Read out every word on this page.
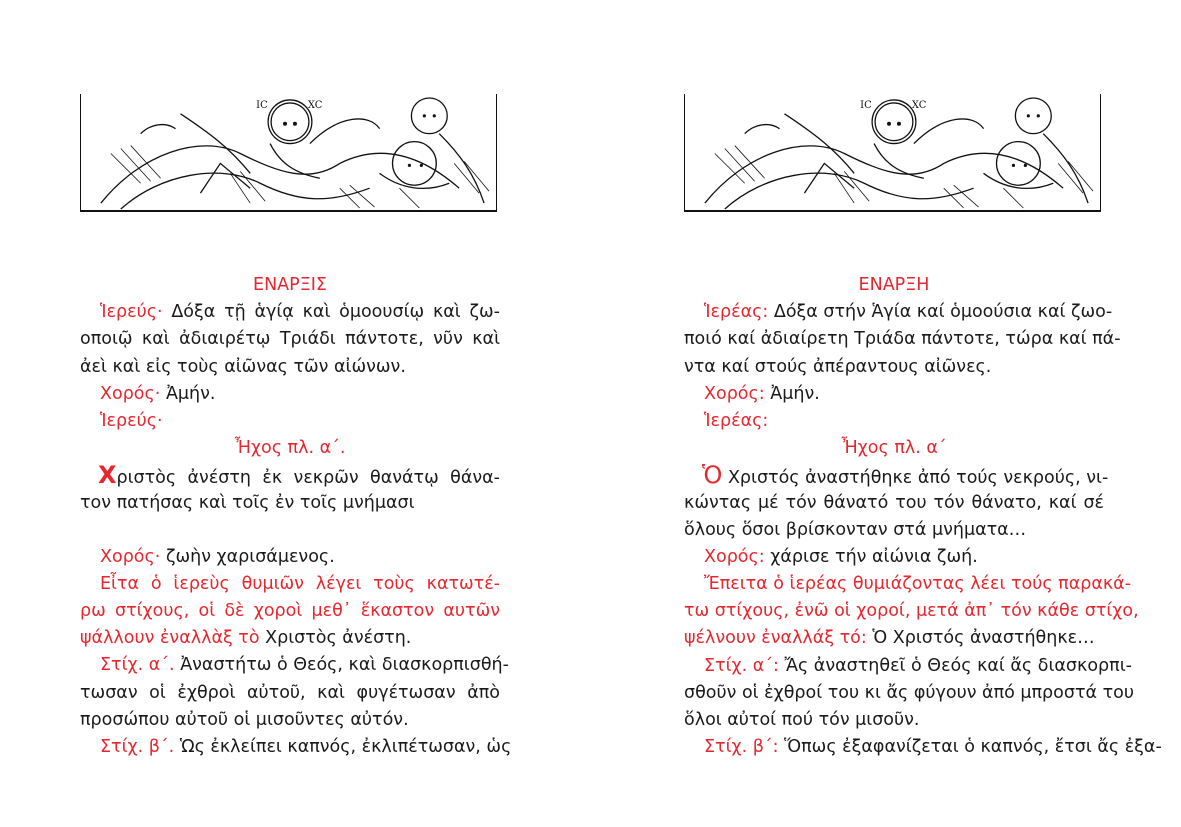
IC	XC
ΕΝΑΡΞΙΣ
Ἱερεύς· Δόξα τῇ ἁγίᾳ καὶ ὁμοουσίῳ καὶ ζω-
οποιῷ καὶ ἀδιαιρέτῳ Τριάδι πάντοτε, νῦν καὶ
ἀεὶ καὶ εἰς τοὺς αἰῶνας τῶν αἰώνων.
Χορός· Ἀμήν.
Ἱερεύς·
Ἦχος πλ. α΄.
Χριστὸς ἀνέστη ἐκ νεκρῶν θανάτῳ θάνα-
τον πατήσας καὶ τοῖς ἐν τοῖς μνήμασι
Χορός· ζωὴν χαρισάμενος.
Εἶτα ὁ ἱερεὺς θυμιῶν λέγει τοὺς κατωτέ-
ρω στίχους, οἱ δὲ χοροὶ μεθ᾽ ἕκαστον αυτῶν
ψάλλουν ἐναλλὰξ τὸ Χριστὸς ἀνέστη.
Στίχ. α΄. Ἀναστήτω ὁ Θεός, καὶ διασκορπισθή-
τωσαν οἱ ἐχθροὶ αὐτοῦ, καὶ φυγέτωσαν ἀπὸ
προσώπου αὐτοῦ οἱ μισοῦντες αὐτόν.
Στίχ. β΄. Ὡς ἐκλείπει καπνός, ἐκλιπέτωσαν, ὡς
IC	XC
ΕΝΑΡΞΗ
Ἱερέας: Δόξα στήν Ἁγία καί ὁμοούσια καί ζωο-
ποιό καί ἀδιαίρετη Τριάδα πάντοτε, τώρα καί πά-
ντα καί στούς ἀπέραντους αἰῶνες.
Χορός: Ἀμήν.
Ἱερέας:
Ἦχος πλ. α΄
Ὁ Χριστός ἀναστήθηκε ἀπό τούς νεκρούς, νι-
κώντας μέ τόν θάνατό του τόν θάνατο, καί σέ
ὅλους ὅσοι βρίσκονταν στά μνήματα…
Χορός: χάρισε τήν αἰώνια ζωή.
Ἔπειτα ὁ ἱερέας θυμιάζοντας λέει τούς παρακά-
τω στίχους, ἐνῶ οἱ χοροί, μετά ἀπ᾽ τόν κάθε στίχο,
ψέλνουν ἐναλλάξ τό: Ὁ Χριστός ἀναστήθηκε…
Στίχ. α΄: Ἄς ἀναστηθεῖ ὁ Θεός καί ἄς διασκορπι-
σθοῦν οἱ ἐχθροί του κι ἄς φύγουν ἀπό μπροστά του
ὅλοι αὐτοί πού τόν μισοῦν.
Στίχ. β΄: Ὅπως ἐξαφανίζεται ὁ καπνός, ἔτσι ἄς ἐξα-
